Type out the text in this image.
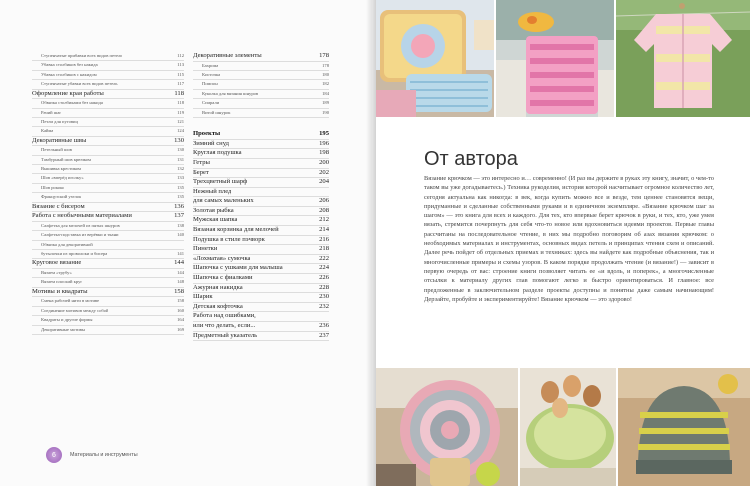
Ступенчатые прибавки всех видов петель	112
Убавка столбиков без накида	113
Убавка столбиков с накидом	115
Ступенчатые убавки всех видов петель	117
Оформление края работы	118
Обвязка столбиками без накида	118
Рачий шаг	119
Петли для пуговиц	121
Кайма	124
Декоративные швы	130
Петельный шов	130
Тамбурный шов крючком	131
Вышивка крестиком	132
Шов «вперёд иголку»	133
Шов рококо	135
Французский узелок	135
Вязание с бисером	136
Работа с необычными материалами	137
Салфетка для мелочей из пятых шнуров	138
Салфетка-подставка из верёвки и ткани	140
Обвязка для декоративной
бутылочки из проволоки и бисера	141
Круговое вязание	144
Вязаем «трубу»	144
Вязаем плоский круг	148
Мотивы и квадраты	158
Смена рабочей нити в мотиве	158
Соединение мотивов между собой	160
Квадраты и другие формы	164
Декоративные мотивы	169
Декоративные элементы	178
Бахрома	178
Кисточка	180
Помпон	182
Куколка для вязания шнуров	184
Спирали	189
Витой шнурок	190
Проекты	195
Зимний снуд	196
Круглая подушка	198
Гетры	200
Берет	202
Трехцветный шарф	204
Нежный плед
для самых маленьких	206
Золотая рыбка	208
Мужская шапка	212
Вязаная корзинка для мелочей	214
Подушка в стиле пэчворк	216
Пинетки	218
«Лохматая» сумочка	222
Шапочка с ушками для малыша	224
Шапочка с фиалками	226
Ажурная накидка	228
Шарик	230
Детская кофточка	232
Работа над ошибками,
или что делать, если...	236
Предметный указатель	237
6	Материалы и инструменты
От автора

Вязание крючком — это интересно и… современно! (И раз вы держите в руках эту книгу, значит, о чем-то таком вы уже догадываетесь.) Техника рукоделия, история которой насчитывает огромное количество лет, сегодня актуальна как никогда: в век, когда купить можно все и везде, тем ценнее становятся вещи, придуманные и сделанные собственными руками и в единичном экземпляре. «Вязание крючком шаг за шагом» — это книга для всех и каждого. Для тех, кто впервые берет крючок в руки, и тех, кто, уже умея вязать, стремится почерпнуть для себя что-то новое или вдохновиться идеями проектов. Первые главы рассчитаны на последовательное чтение, в них мы подробно поговорим об азах вязания крючком: о необходимых материалах и инструментах, основных видах петель и принципах чтения схем и описаний. Далее речь пойдет об отдельных приемах и техниках: здесь вы найдете как подробные объяснения, так и многочисленные примеры и схемы узоров. В каком порядке продолжать чтение (и вязание!) — зависит в первую очередь от вас: строение книги позволяет читать ее «и вдоль, и поперек», а многочисленные отсылки к материалу других глав помогают легко и быстро ориентироваться. И главное: все предложенные в заключительном разделе проекты доступны и понятны даже самым начинающим! Дерзайте, пробуйте и экспериментируйте! Вязание крючком — это здорово!
